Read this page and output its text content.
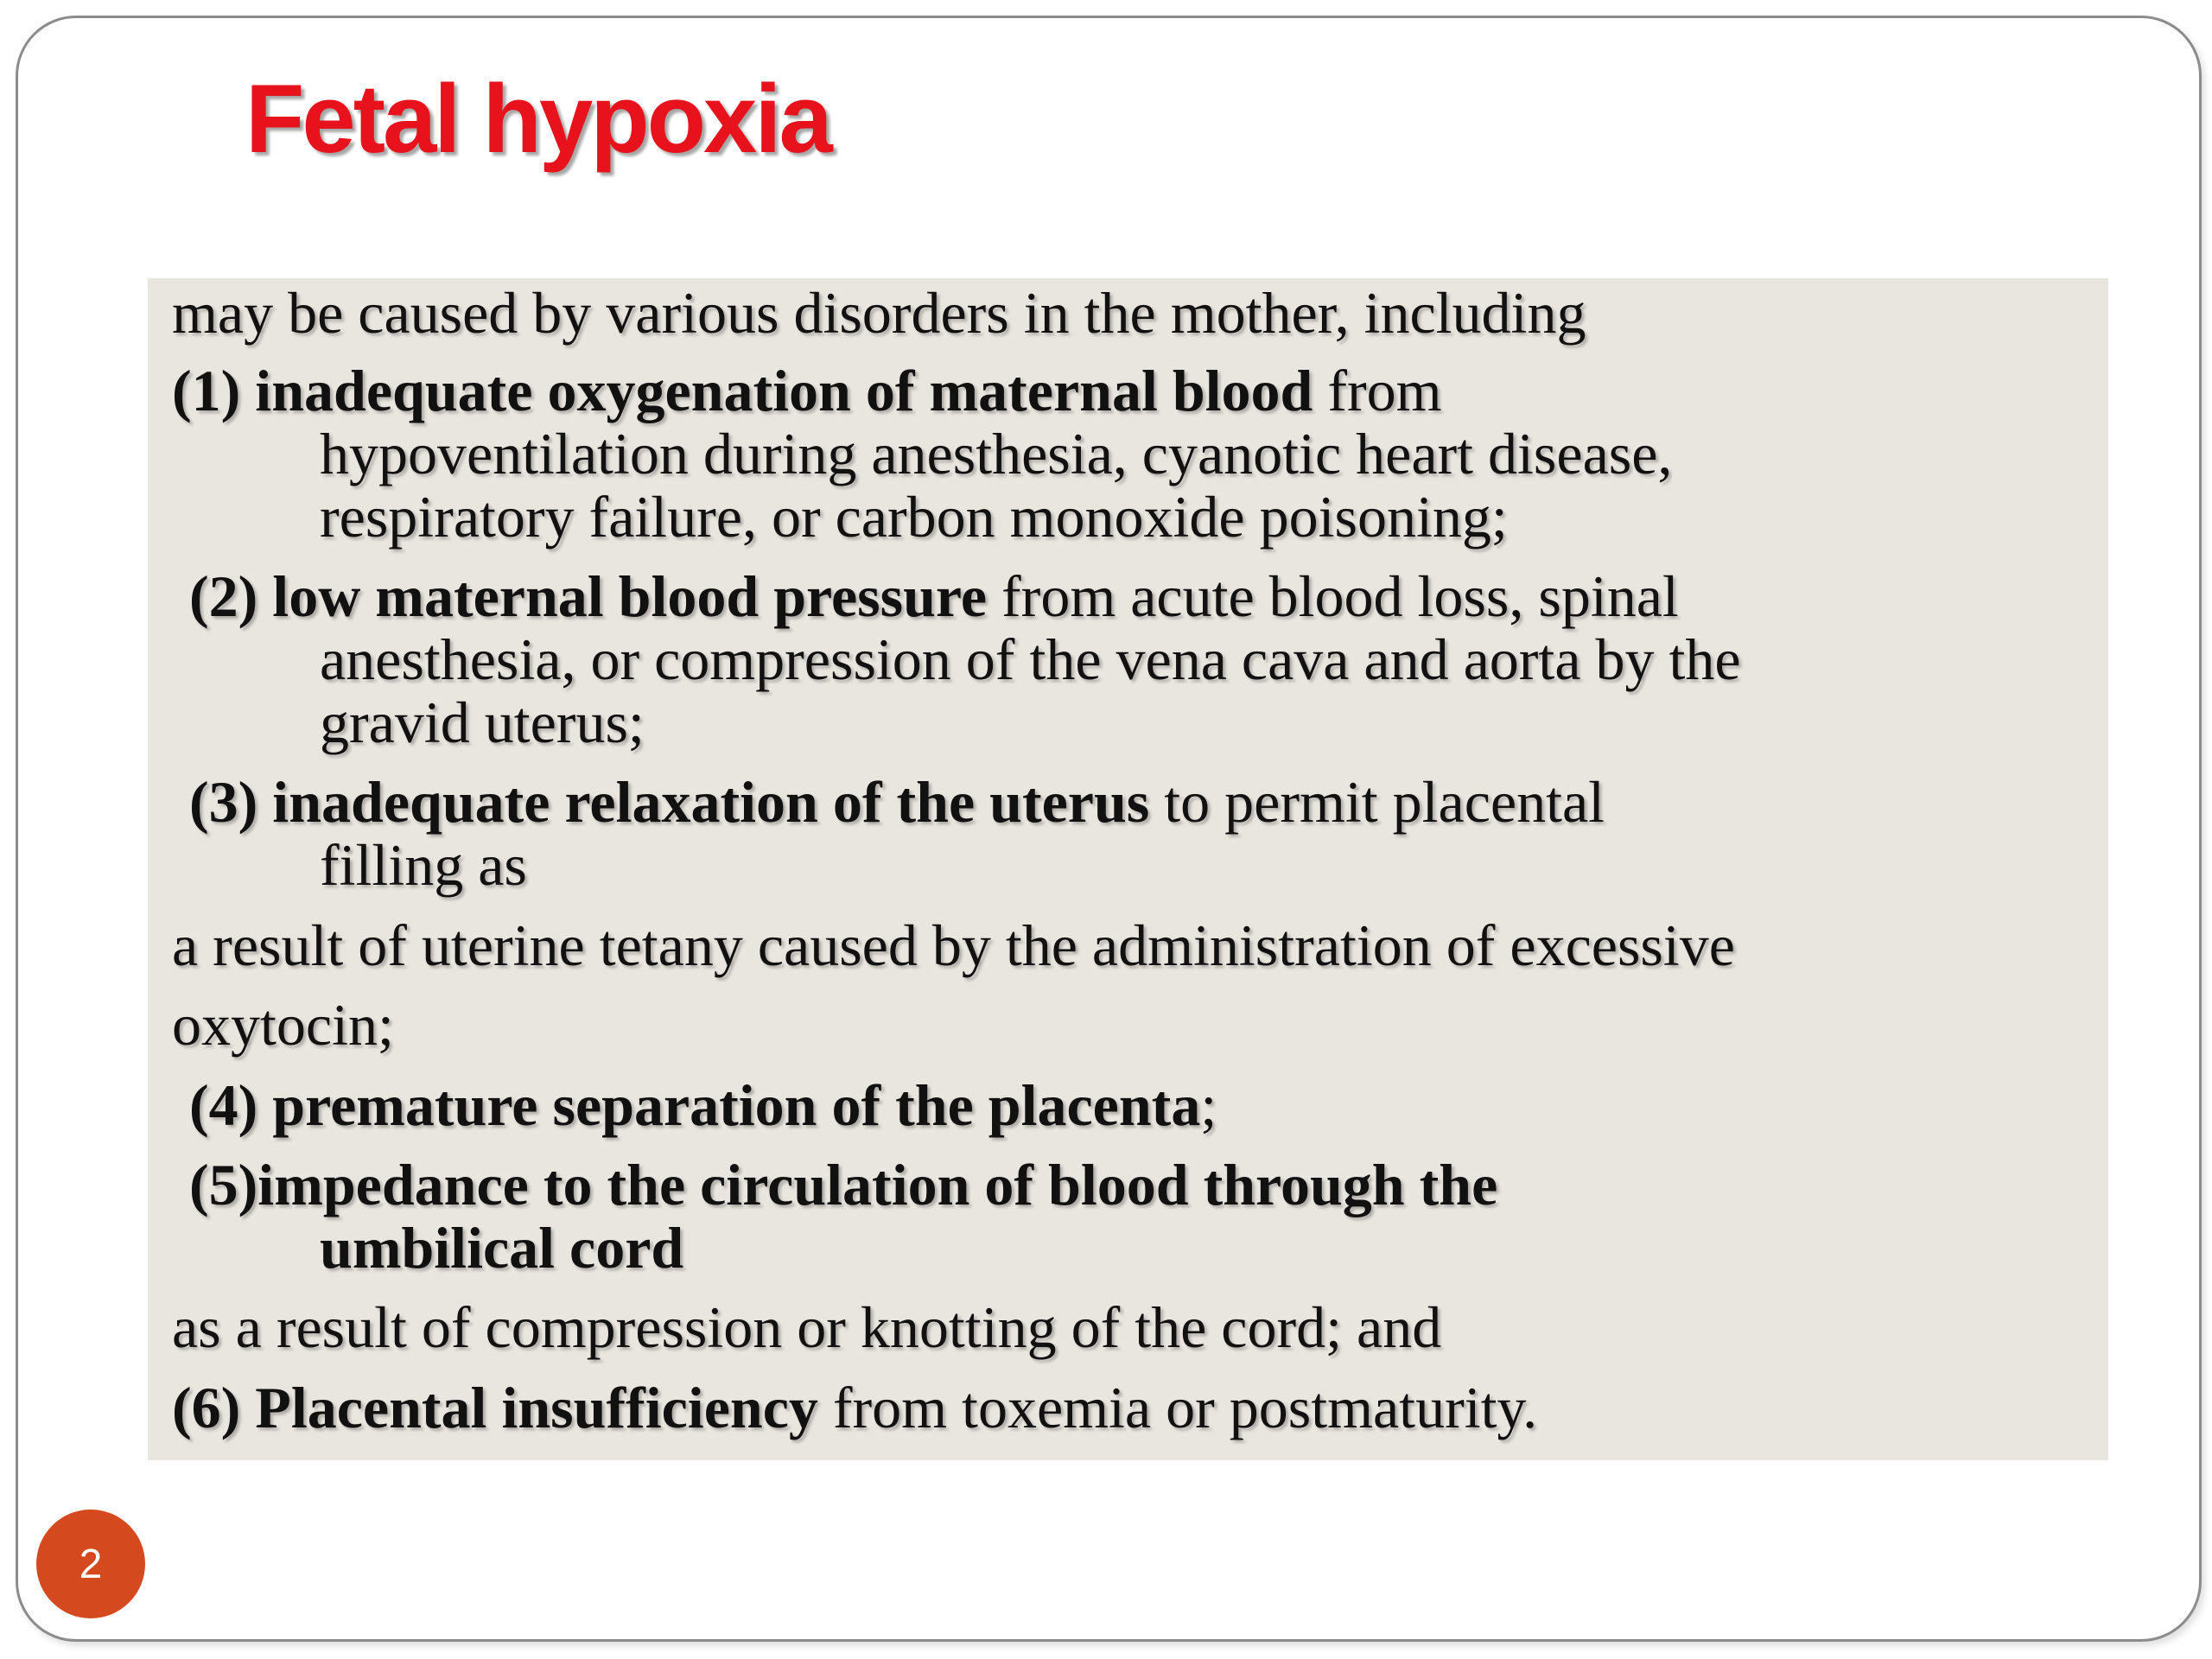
Fetal hypoxia
may be caused by various disorders in the mother, including
(1) inadequate oxygenation of maternal blood from
hypoventilation during anesthesia, cyanotic heart disease,
respiratory failure, or carbon monoxide poisoning;
(2) low maternal blood pressure from acute blood loss, spinal
anesthesia, or compression of the vena cava and aorta by the
gravid uterus;
(3) inadequate relaxation of the uterus to permit placental
filling as
a result of uterine tetany caused by the administration of excessive
oxytocin;
(4) premature separation of the placenta;
(5)impedance to the circulation of blood through the
umbilical cord
as a result of compression or knotting of the cord; and
(6) Placental insufficiency from toxemia or postmaturity.
2
